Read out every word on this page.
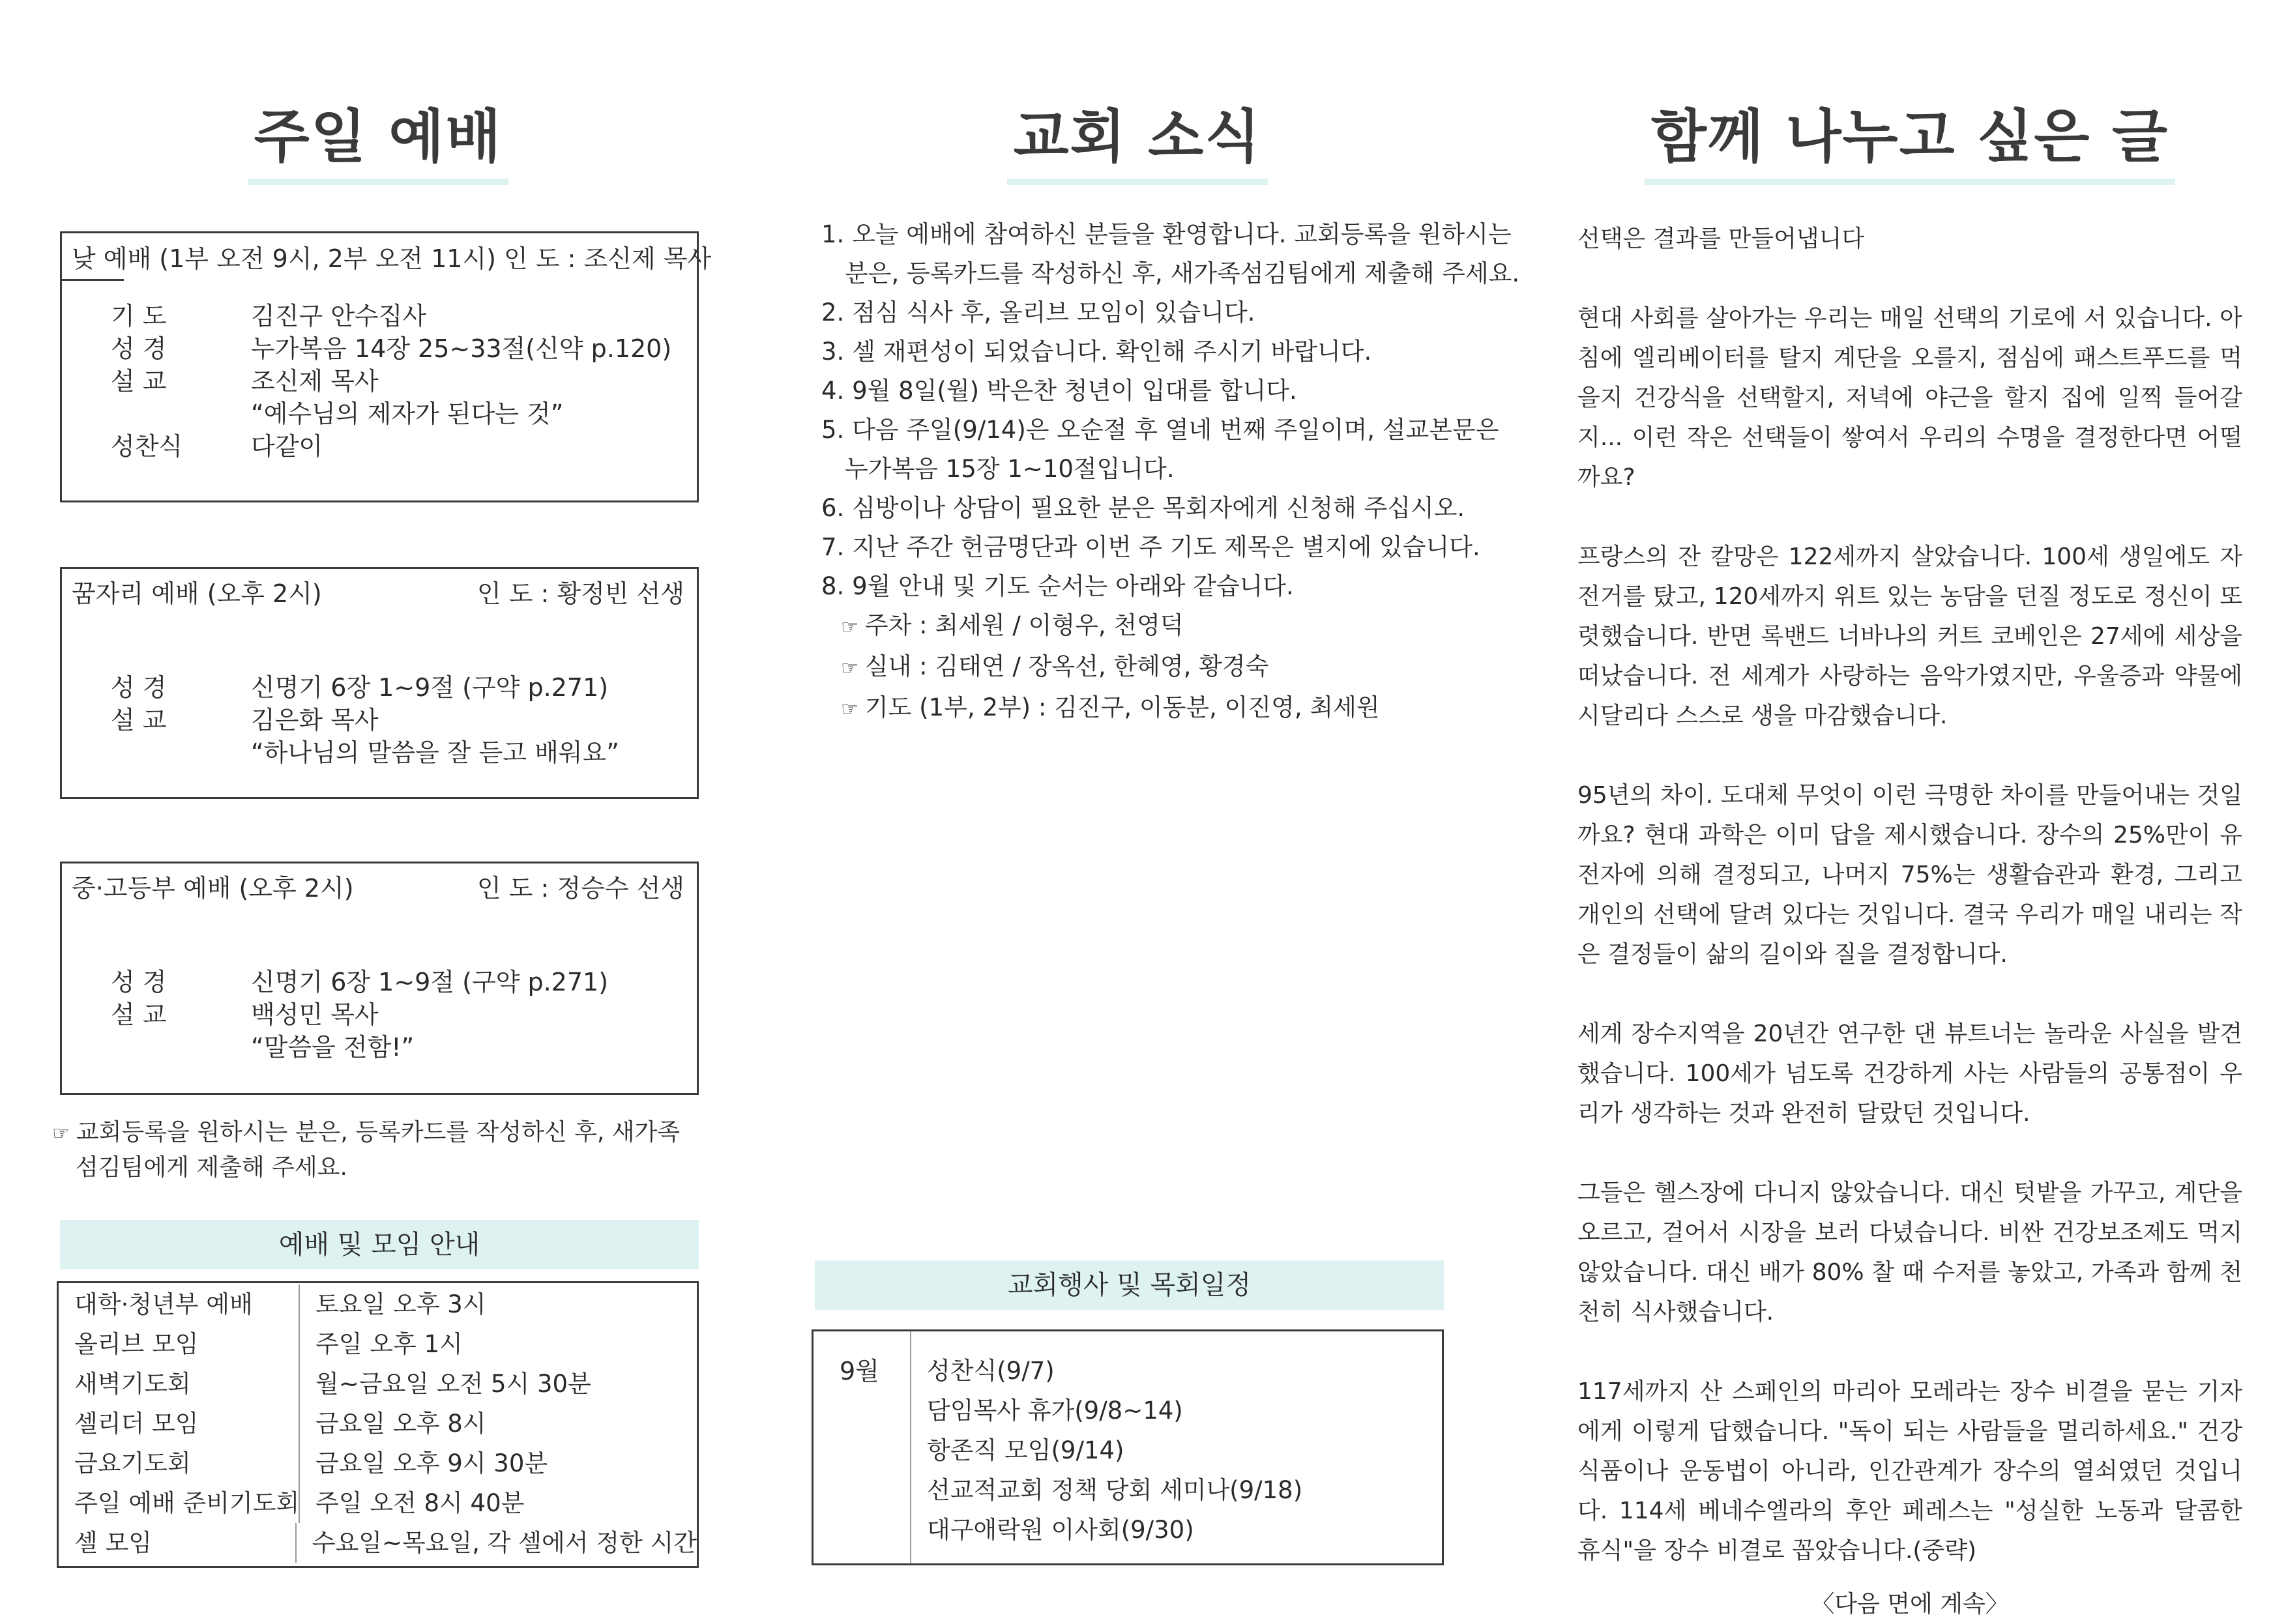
주일 예배
낮 예배 (1부 오전 9시, 2부 오전 11시) 인 도 : 조신제 목사
기 도	김진구 안수집사
성 경	누가복음 14장 25~33절(신약 p.120)
설 교	조신제 목사
“예수님의 제자가 된다는 것”
성찬식	다같이
꿈자리 예배 (오후 2시)	인 도 : 황정빈 선생
성 경	신명기 6장 1~9절 (구약 p.271)
설 교	김은화 목사
“하나님의 말씀을 잘 듣고 배워요”
중·고등부 예배 (오후 2시)	인 도 : 정승수 선생
성 경	신명기 6장 1~9절 (구약 p.271)
설 교	백성민 목사
“말씀을 전함!”
☞ 교회등록을 원하시는 분은, 등록카드를 작성하신 후, 새가족
섬김팀에게 제출해 주세요.
예배 및 모임 안내
대학·청년부 예배	토요일 오후 3시
올리브 모임	주일 오후 1시
새벽기도회	월~금요일 오전 5시 30분
셀리더 모임	금요일 오후 8시
금요기도회	금요일 오후 9시 30분
주일 예배 준비기도회 주일 오전 8시 40분
셀 모임	수요일~목요일, 각 셀에서 정한 시간
교회 소식
1. 오늘 예배에 참여하신 분들을 환영합니다. 교회등록을 원하시는
분은, 등록카드를 작성하신 후, 새가족섬김팀에게 제출해 주세요.
2. 점심 식사 후, 올리브 모임이 있습니다.
3. 셀 재편성이 되었습니다. 확인해 주시기 바랍니다.
4. 9월 8일(월) 박은찬 청년이 입대를 합니다.
5. 다음 주일(9/14)은 오순절 후 열네 번째 주일이며, 설교본문은
누가복음 15장 1~10절입니다.
6. 심방이나 상담이 필요한 분은 목회자에게 신청해 주십시오.
7. 지난 주간 헌금명단과 이번 주 기도 제목은 별지에 있습니다.
8. 9월 안내 및 기도 순서는 아래와 같습니다.
☞ 주차 : 최세원 / 이형우, 천영덕
☞ 실내 : 김태연 / 장옥선, 한혜영, 황경숙
☞ 기도 (1부, 2부) : 김진구, 이동분, 이진영, 최세원
교회행사 및 목회일정
9월	성찬식(9/7)
담임목사 휴가(9/8~14)
항존직 모임(9/14)
선교적교회 정책 당회 세미나(9/18)
대구애락원 이사회(9/30)
함께 나누고 싶은 글

선택은 결과를 만들어냅니다

현대 사회를 살아가는 우리는 매일 선택의 기로에 서 있습니다. 아침에 엘리베이터를 탈지 계단을 오를지, 점심에 패스트푸드를 먹을지 건강식을 선택할지, 저녁에 야근을 할지 집에 일찍 들어갈지... 이런 작은 선택들이 쌓여서 우리의 수명을 결정한다면 어떨까요?

프랑스의 잔 칼망은 122세까지 살았습니다. 100세 생일에도 자전거를 탔고, 120세까지 위트 있는 농담을 던질 정도로 정신이 또렷했습니다. 반면 록밴드 너바나의 커트 코베인은 27세에 세상을 떠났습니다. 전 세계가 사랑하는 음악가였지만, 우울증과 약물에 시달리다 스스로 생을 마감했습니다.

95년의 차이. 도대체 무엇이 이런 극명한 차이를 만들어내는 것일까요? 현대 과학은 이미 답을 제시했습니다. 장수의 25%만이 유전자에 의해 결정되고, 나머지 75%는 생활습관과 환경, 그리고 개인의 선택에 달려 있다는 것입니다. 결국 우리가 매일 내리는 작은 결정들이 삶의 길이와 질을 결정합니다.

세계 장수지역을 20년간 연구한 댄 뷰트너는 놀라운 사실을 발견했습니다. 100세가 넘도록 건강하게 사는 사람들의 공통점이 우리가 생각하는 것과 완전히 달랐던 것입니다.

그들은 헬스장에 다니지 않았습니다. 대신 텃밭을 가꾸고, 계단을 오르고, 걸어서 시장을 보러 다녔습니다. 비싼 건강보조제도 먹지 않았습니다. 대신 배가 80% 찰 때 수저를 놓았고, 가족과 함께 천천히 식사했습니다.

117세까지 산 스페인의 마리아 모레라는 장수 비결을 묻는 기자에게 이렇게 답했습니다. "독이 되는 사람들을 멀리하세요." 건강식품이나 운동법이 아니라, 인간관계가 장수의 열쇠였던 것입니다. 114세 베네수엘라의 후안 페레스는 "성실한 노동과 달콤한 휴식"을 장수 비결로 꼽았습니다.(중략)

〈다음 면에 계속〉
